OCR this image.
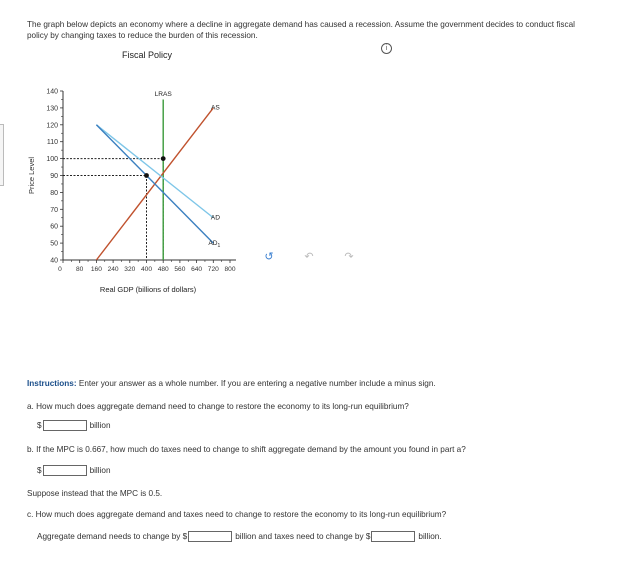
The graph below depicts an economy where a decline in aggregate demand has caused a recession. Assume the government decides to conduct fiscal policy by changing taxes to reduce the burden of this recession.
Fiscal Policy
i
40
50
60
70
80
90
100
110
120
130
140
0 80 160 240 320 400 480 560 640 720 800
Price Level
Real GDP (billions of dollars)
LRAS
AS
AD
$AD_1$
↺	↶	↷
Instructions: Enter your answer as a whole number. If you are entering a negative number include a minus sign.
a. How much does aggregate demand need to change to restore the economy to its long-run equilibrium?
$	billion
b. If the MPC is 0.667, how much do taxes need to change to shift aggregate demand by the amount you found in part a?
$	billion
Suppose instead that the MPC is 0.5.
c. How much does aggregate demand and taxes need to change to restore the economy to its long-run equilibrium?
Aggregate demand needs to change by $	billion and taxes need to change by $	billion.
